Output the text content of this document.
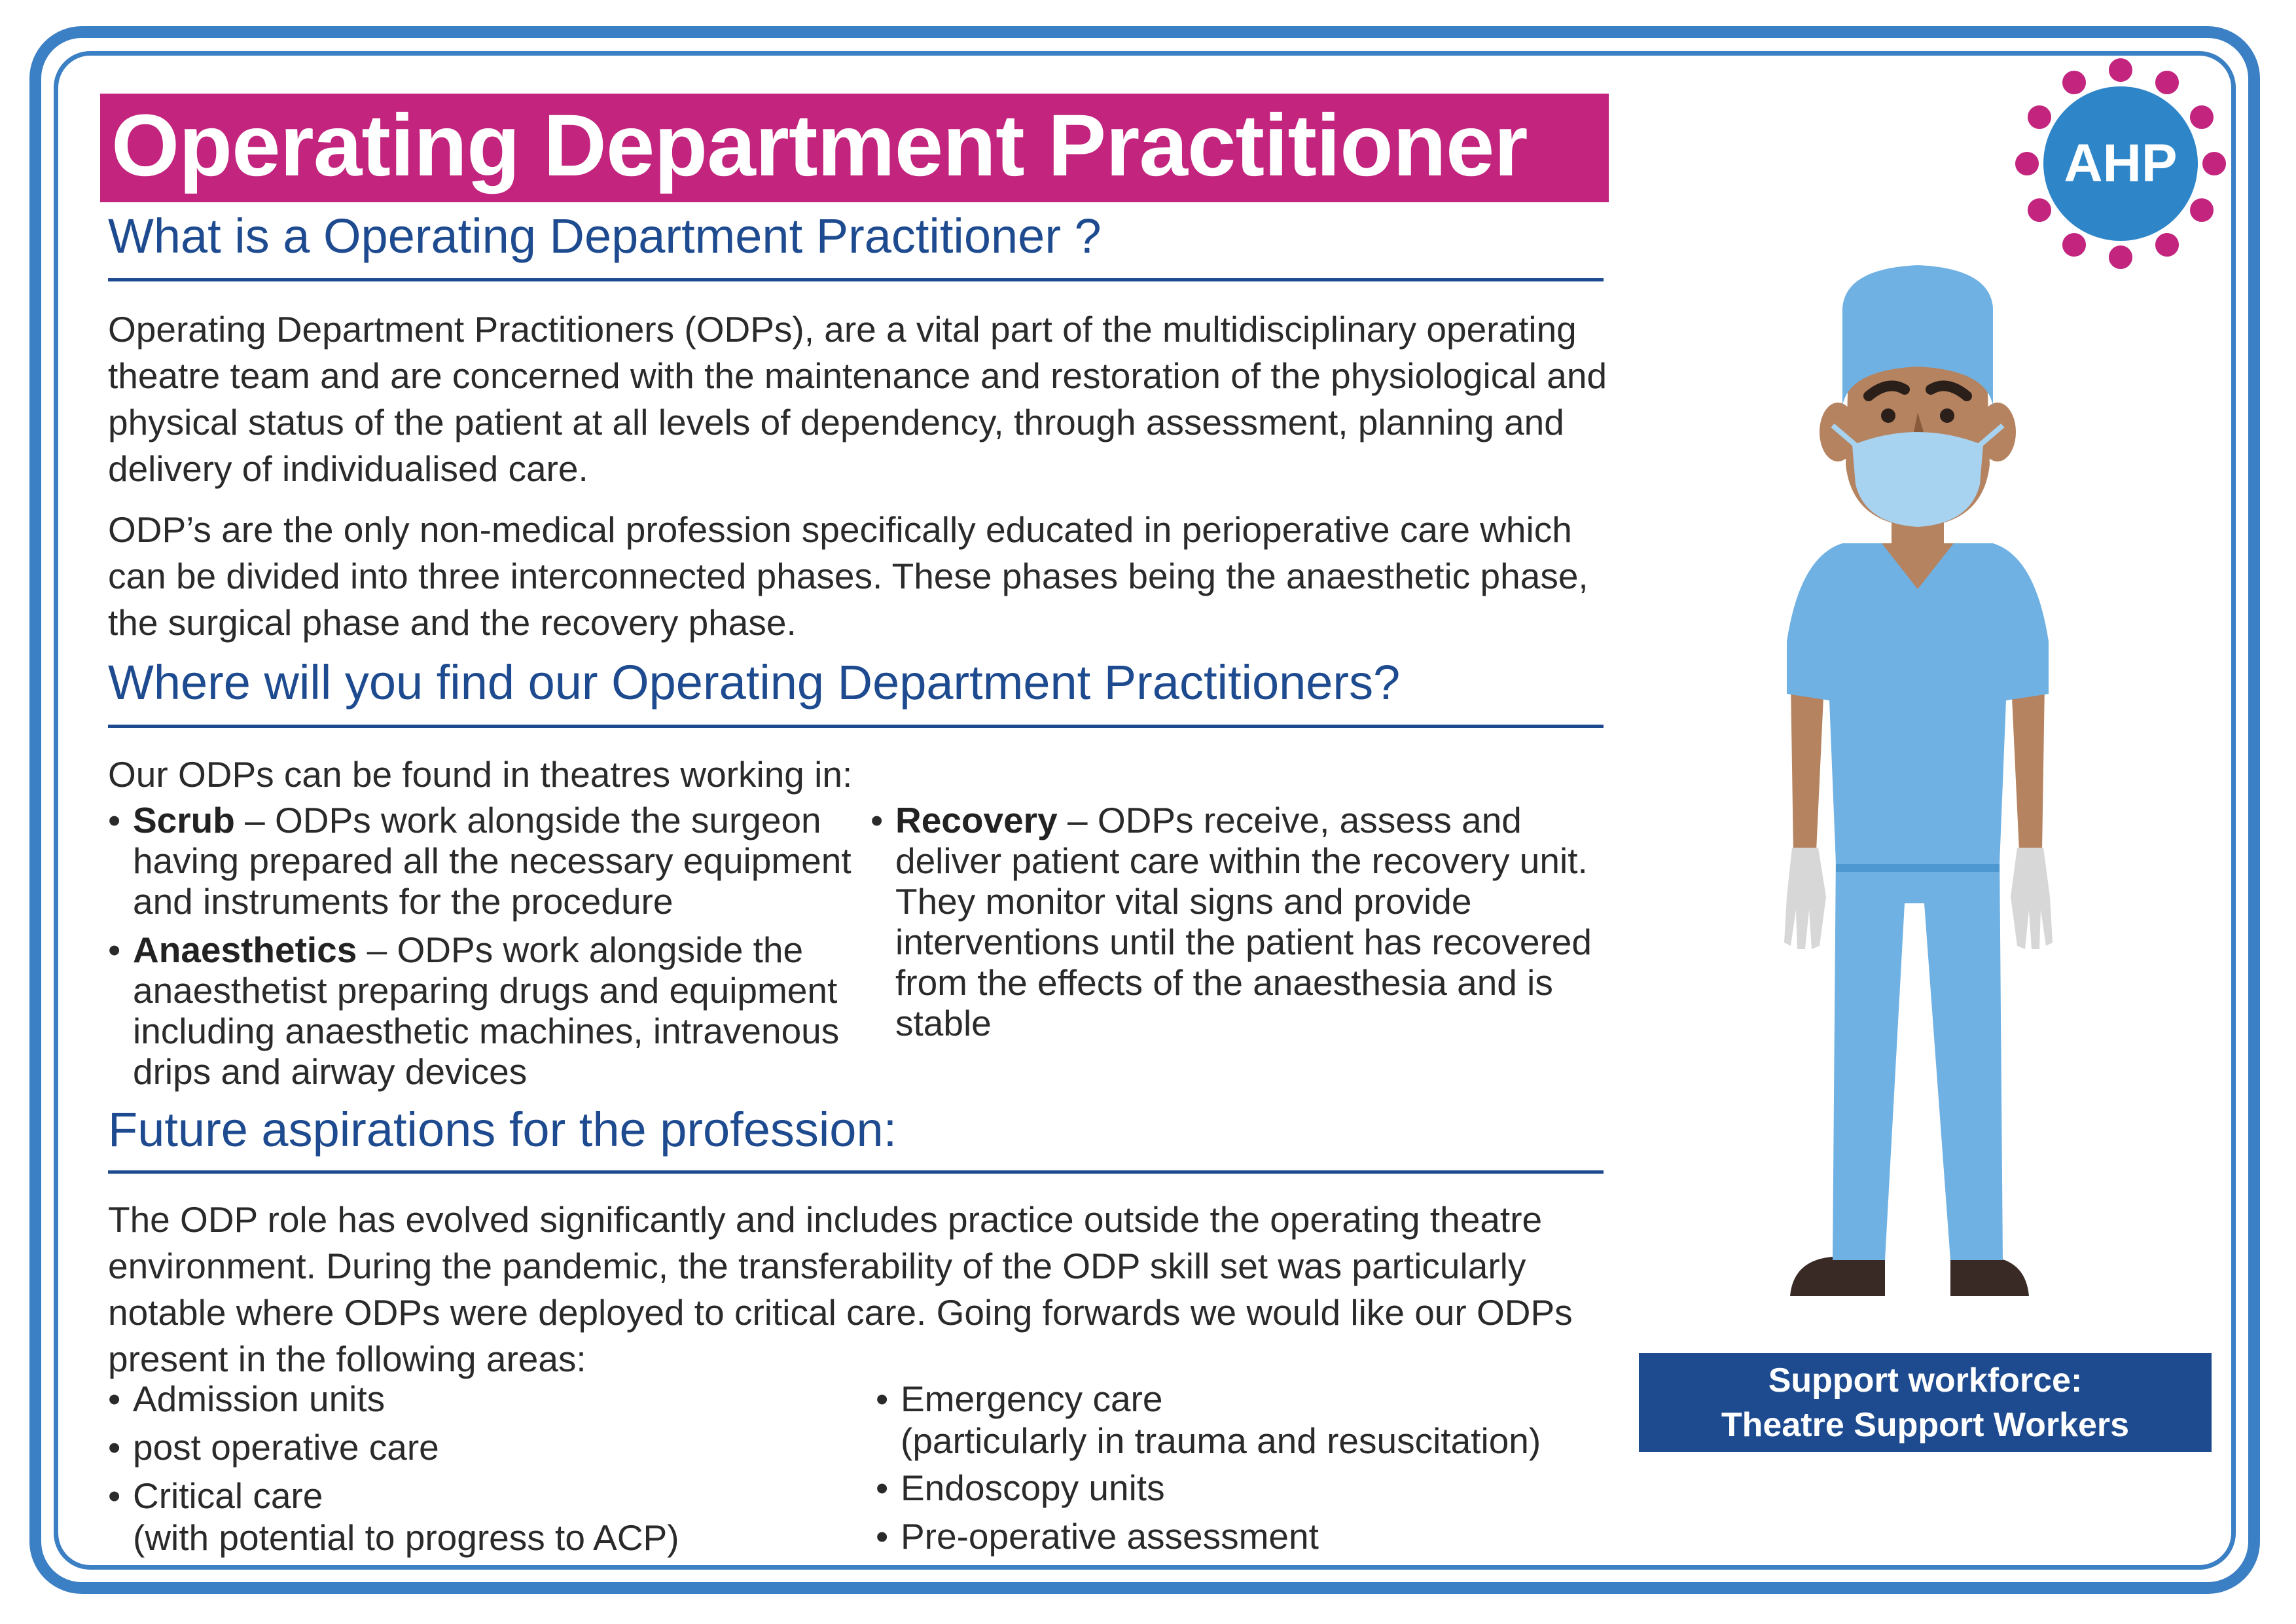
Operating Department Practitioner	AHP
What is a Operating Department Practitioner ?

Operating Department Practitioners (ODPs), are a vital part of the multidisciplinary operating theatre team and are concerned with the maintenance and restoration of the physiological and physical status of the patient at all levels of dependency, through assessment, planning and delivery of individualised care.

ODP’s are the only non-medical profession specifically educated in perioperative care which can be divided into three interconnected phases. These phases being the anaesthetic phase, the surgical phase and the recovery phase.

Where will you find our Operating Department Practitioners?
Our ODPs can be found in theatres working in:

• Scrub – ODPs work alongside the surgeon having prepared all the necessary equipment and instruments for the procedure

• Anaesthetics – ODPs work alongside the anaesthetist preparing drugs and equipment including anaesthetic machines, intravenous drips and airway devices

• Recovery – ODPs receive, assess and deliver patient care within the recovery unit. They monitor vital signs and provide interventions until the patient has recovered from the effects of the anaesthesia and is stable

Future aspirations for the profession:
The ODP role has evolved significantly and includes practice outside the operating theatre environment. During the pandemic, the transferability of the ODP skill set was particularly notable where ODPs were deployed to critical care. Going forwards we would like our ODPs present in the following areas:

• Admission units

• post operative care

• Critical care

(with potential to progress to ACP)

• Emergency care

(particularly in trauma and resuscitation)

• Endoscopy units

• Pre-operative assessment

Support workforce:
Theatre Support Workers
